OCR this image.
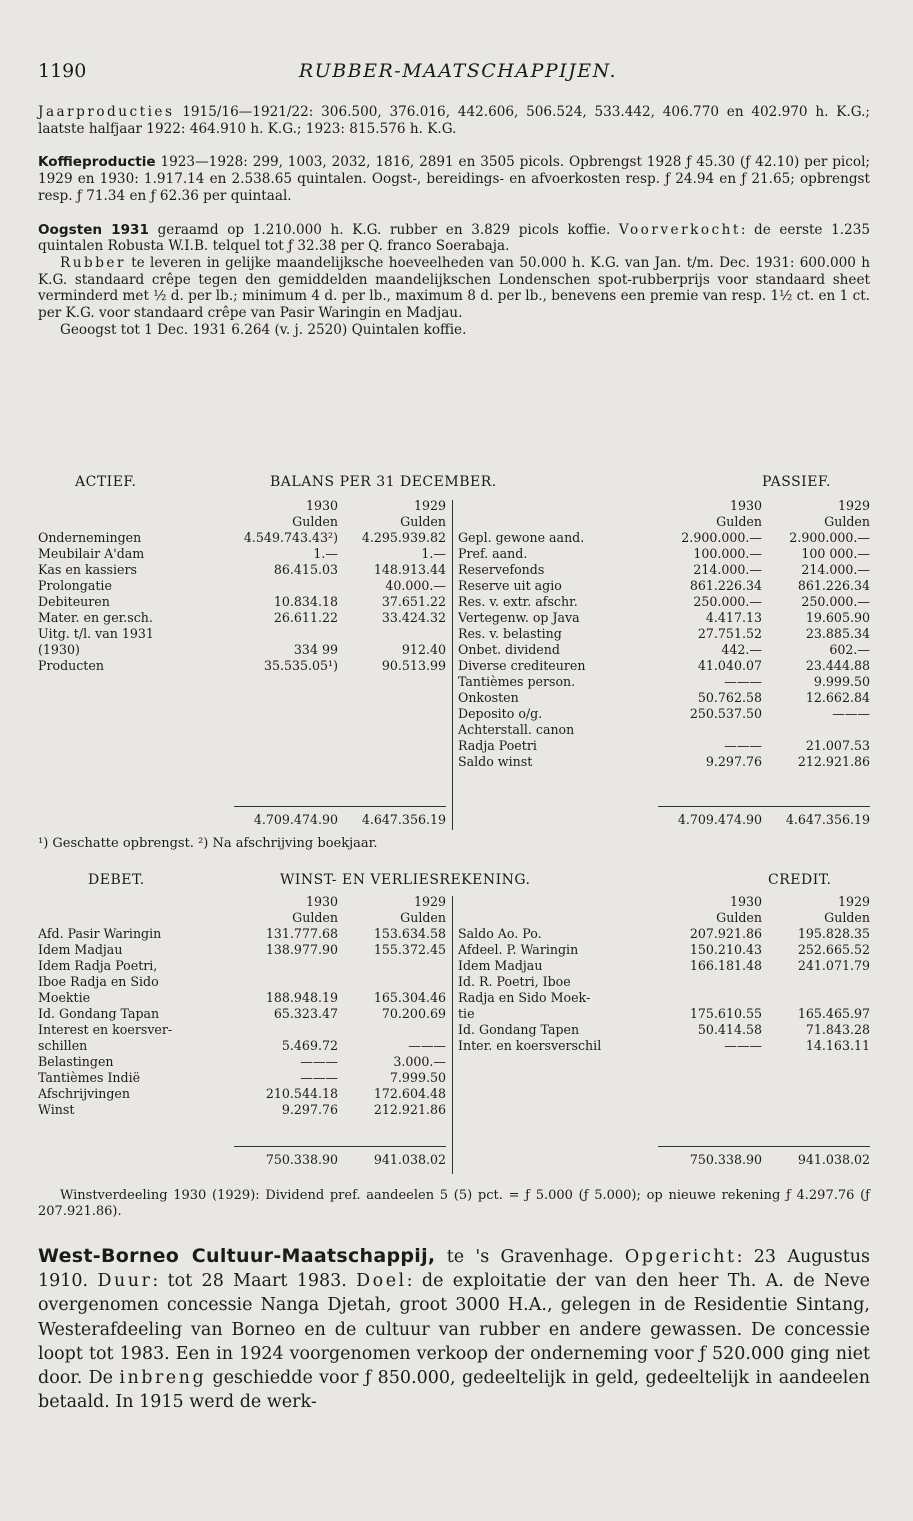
1190	RUBBER-MAATSCHAPPIJEN.

Jaarproducties 1915/16—1921/22: 306.500, 376.016, 442.606, 506.524, 533.442, 406.770 en 402.970 h. K.G.; laatste halfjaar 1922: 464.910 h. K.G.; 1923: 815.576 h. K.G.

Koffieproductie 1923—1928: 299, 1003, 2032, 1816, 2891 en 3505 picols. Opbrengst 1928 ƒ 45.30 (ƒ 42.10) per picol; 1929 en 1930: 1.917.14 en 2.538.65 quintalen. Oogst-, bereidings- en afvoerkosten resp. ƒ 24.94 en ƒ 21.65; opbrengst resp. ƒ 71.34 en ƒ 62.36 per quintaal.

Oogsten 1931 geraamd op 1.210.000 h. K.G. rubber en 3.829 picols koffie. Voorverkocht: de eerste 1.235 quintalen Robusta W.I.B. telquel tot ƒ 32.38 per Q. franco Soerabaja.

Rubber te leveren in gelijke maandelijksche hoeveelheden van 50.000 h. K.G. van Jan. t/m. Dec. 1931: 600.000 h K.G. standaard crêpe tegen den gemiddelden maandelijkschen Londenschen spot-rubberprijs voor standaard sheet verminderd met ½ d. per lb.; minimum 4 d. per lb., maximum 8 d. per lb., benevens een premie van resp. 1½ ct. en 1 ct. per K.G. voor standaard crêpe van Pasir Waringin en Madjau.

Geoogst tot 1 Dec. 1931 6.264 (v. j. 2520) Quintalen koffie.

ACTIEF.	BALANS PER 31 DECEMBER.	PASSIEF.
	1930	1929
	Gulden	Gulden
Ondernemingen	4.549.743.43²)	4.295.939.82
Meubilair A'dam	1.—	1.—
Kas en kassiers	86.415.03	148.913.44
Prolongatie		40.000.—
Debiteuren	10.834.18	37.651.22
Mater. en ger.sch.	26.611.22	33.424.32
Uitg. t/l. van 1931		
(1930)	334 99	912.40
Producten	35.535.05¹)	90.513.99
	1930	1929
	Gulden	Gulden
Gepl. gewone aand.	2.900.000.—	2.900.000.—
Pref. aand.	100.000.—	100 000.—
Reservefonds	214.000.—	214.000.—
Reserve uit agio	861.226.34	861.226.34
Res. v. extr. afschr.	250.000.—	250.000.—
Vertegenw. op Java	4.417.13	19.605.90
Res. v. belasting	27.751.52	23.885.34
Onbet. dividend	442.—	602.—
Diverse crediteuren	41.040.07	23.444.88
Tantièmes person.	———	9.999.50
Onkosten	50.762.58	12.662.84
Deposito o/g.	250.537.50	———
Achterstall. canon		
Radja Poetri	———	21.007.53
Saldo winst	9.297.76	212.921.86
4.709.474.90	4.647.356.19	4.709.474.90	4.647.356.19
¹) Geschatte opbrengst. ²) Na afschrijving boekjaar.
DEBET.	WINST- EN VERLIESREKENING.	CREDIT.
	1930	1929
	Gulden	Gulden
Afd. Pasir Waringin	131.777.68	153.634.58
Idem Madjau	138.977.90	155.372.45
Idem Radja Poetri,		
Iboe Radja en Sido		
Moektie	188.948.19	165.304.46
Id. Gondang Tapan	65.323.47	70.200.69
Interest en koersver-		
schillen	5.469.72	———
Belastingen	———	3.000.—
Tantièmes Indië	———	7.999.50
Afschrijvingen	210.544.18	172.604.48
Winst	9.297.76	212.921.86
	1930	1929
	Gulden	Gulden
Saldo Ao. Po.	207.921.86	195.828.35
Afdeel. P. Waringin	150.210.43	252.665.52
Idem Madjau	166.181.48	241.071.79
Id. R. Poetri, Iboe		
Radja en Sido Moek-		
tie	175.610.55	165.465.97
Id. Gondang Tapen	50.414.58	71.843.28
Inter. en koersverschil	———	14.163.11
750.338.90	941.038.02	750.338.90	941.038.02

Winstverdeeling 1930 (1929): Dividend pref. aandeelen 5 (5) pct. = ƒ 5.000 (ƒ 5.000); op nieuwe rekening ƒ 4.297.76 (ƒ 207.921.86).

West-Borneo Cultuur-Maatschappij, te 's Gravenhage. Opgericht: 23 Augustus 1910. Duur: tot 28 Maart 1983. Doel: de exploitatie der van den heer Th. A. de Neve overgenomen concessie Nanga Djetah, groot 3000 H.A., gelegen in de Residentie Sintang, Westerafdeeling van Borneo en de cultuur van rubber en andere gewassen. De concessie loopt tot 1983. Een in 1924 voorgenomen verkoop der onderneming voor ƒ 520.000 ging niet door. De inbreng geschiedde voor ƒ 850.000, gedeeltelijk in geld, gedeeltelijk in aandeelen betaald. In 1915 werd de werk-
